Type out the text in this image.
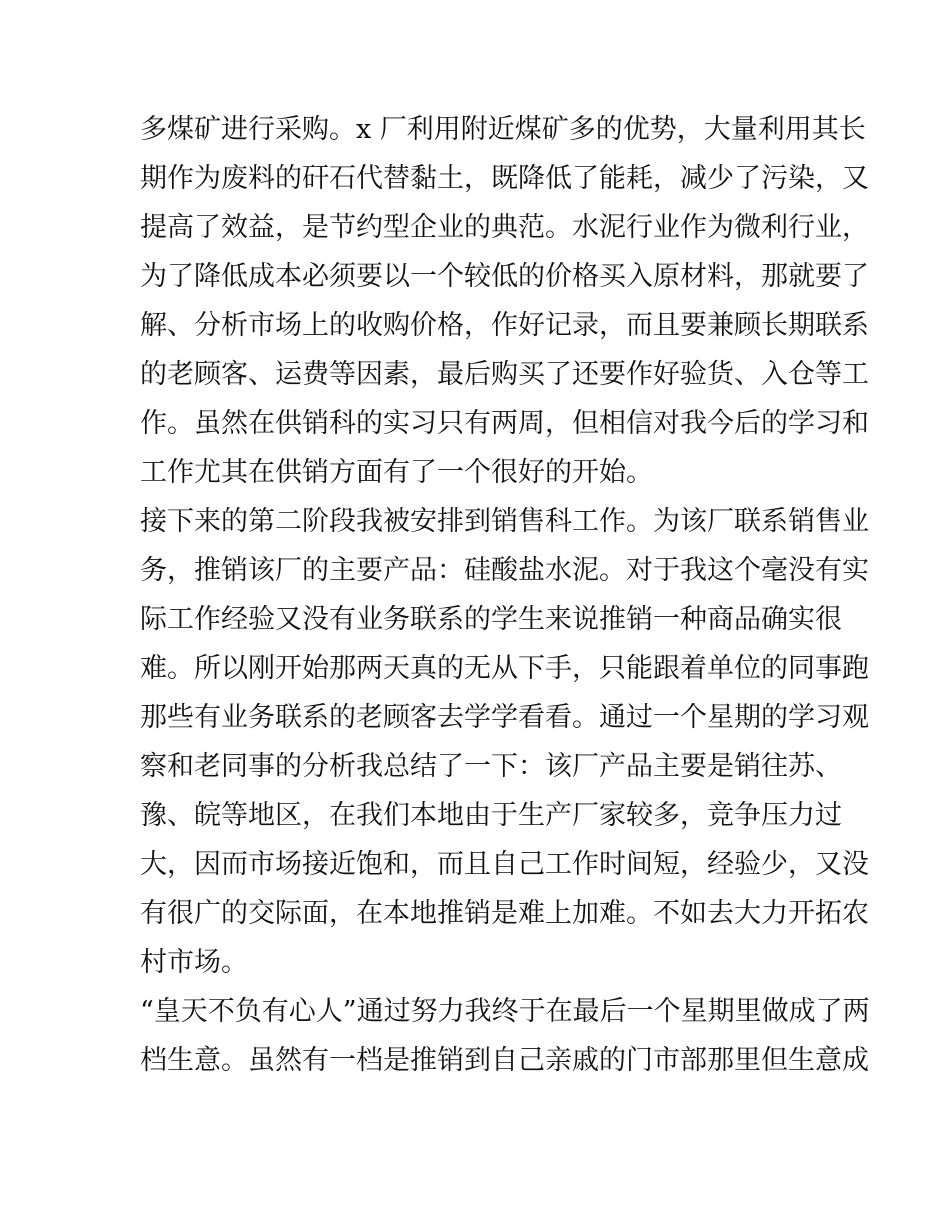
多煤矿进行采购。x 厂利用附近煤矿多的优势，大量利用其长
期作为废料的矸石代替黏土，既降低了能耗，减少了污染，又
提高了效益，是节约型企业的典范。水泥行业作为微利行业，
为了降低成本必须要以一个较低的价格买入原材料，那就要了
解、分析市场上的收购价格，作好记录，而且要兼顾长期联系
的老顾客、运费等因素，最后购买了还要作好验货、入仓等工
作。虽然在供销科的实习只有两周，但相信对我今后的学习和
工作尤其在供销方面有了一个很好的开始。
接下来的第二阶段我被安排到销售科工作。为该厂联系销售业
务，推销该厂的主要产品：硅酸盐水泥。对于我这个毫没有实
际工作经验又没有业务联系的学生来说推销一种商品确实很
难。所以刚开始那两天真的无从下手，只能跟着单位的同事跑
那些有业务联系的老顾客去学学看看。通过一个星期的学习观
察和老同事的分析我总结了一下：该厂产品主要是销往苏、
豫、皖等地区，在我们本地由于生产厂家较多，竞争压力过
大，因而市场接近饱和，而且自己工作时间短，经验少，又没
有很广的交际面，在本地推销是难上加难。不如去大力开拓农
村市场。
“皇天不负有心人”通过努力我终于在最后一个星期里做成了两
档生意。虽然有一档是推销到自己亲戚的门市部那里但生意成
